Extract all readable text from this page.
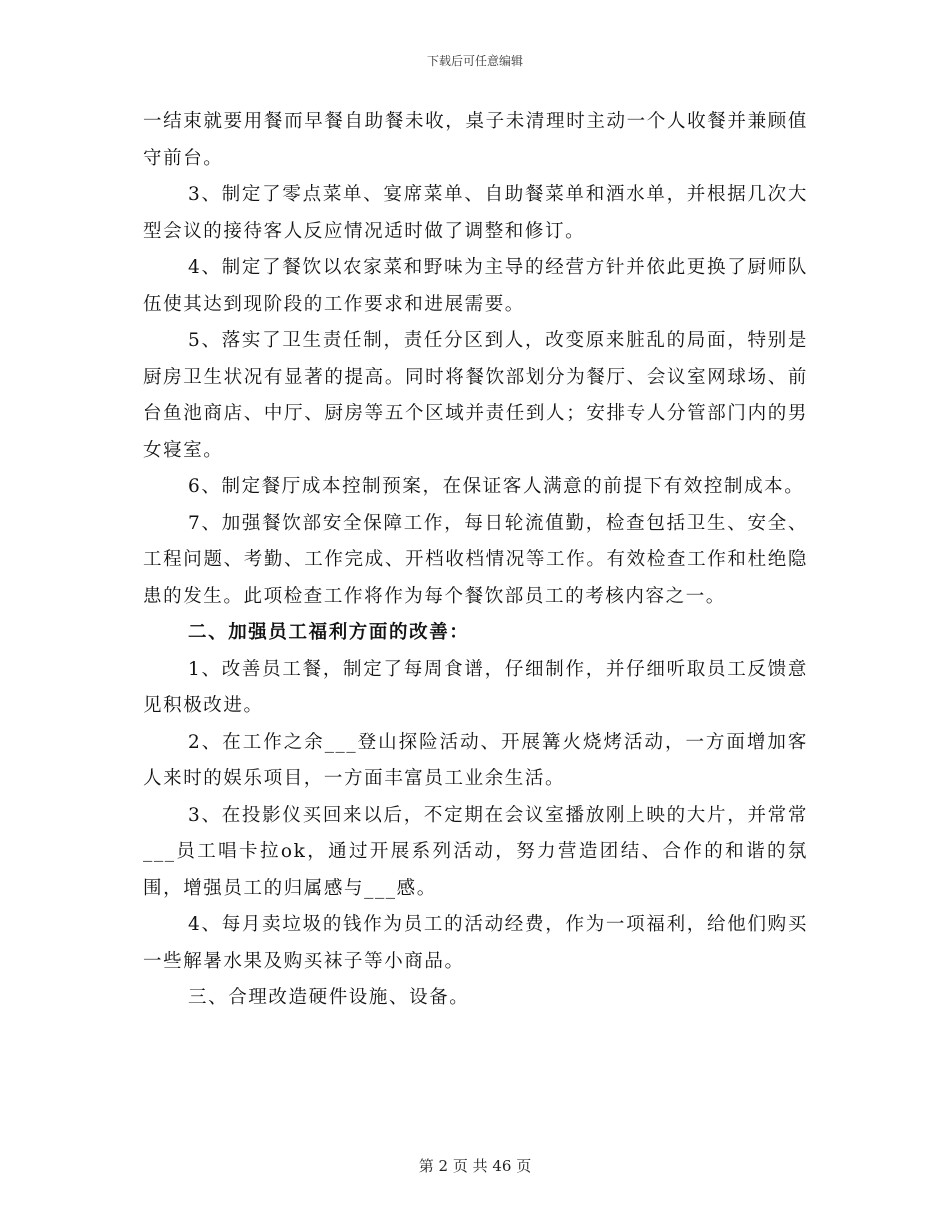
下载后可任意编辑

一结束就要用餐而早餐自助餐未收，桌子未清理时主动一个人收餐并兼顾值守前台。

3、制定了零点菜单、宴席菜单、自助餐菜单和酒水单，并根据几次大型会议的接待客人反应情况适时做了调整和修订。

4、制定了餐饮以农家菜和野味为主导的经营方针并依此更换了厨师队伍使其达到现阶段的工作要求和进展需要。

5、落实了卫生责任制，责任分区到人，改变原来脏乱的局面，特别是厨房卫生状况有显著的提高。同时将餐饮部划分为餐厅、会议室网球场、前台鱼池商店、中厅、厨房等五个区域并责任到人；安排专人分管部门内的男女寝室。

6、制定餐厅成本控制预案，在保证客人满意的前提下有效控制成本。

7、加强餐饮部安全保障工作，每日轮流值勤，检查包括卫生、安全、工程问题、考勤、工作完成、开档收档情况等工作。有效检查工作和杜绝隐患的发生。此项检查工作将作为每个餐饮部员工的考核内容之一。

二、加强员工福利方面的改善：

1、改善员工餐，制定了每周食谱，仔细制作，并仔细听取员工反馈意见积极改进。

2、在工作之余___登山探险活动、开展篝火烧烤活动，一方面增加客人来时的娱乐项目，一方面丰富员工业余生活。

3、在投影仪买回来以后，不定期在会议室播放刚上映的大片，并常常___员工唱卡拉ok，通过开展系列活动，努力营造团结、合作的和谐的氛围，增强员工的归属感与___感。

4、每月卖垃圾的钱作为员工的活动经费，作为一项福利，给他们购买一些解暑水果及购买袜子等小商品。

三、合理改造硬件设施、设备。

第 2 页 共 46 页
